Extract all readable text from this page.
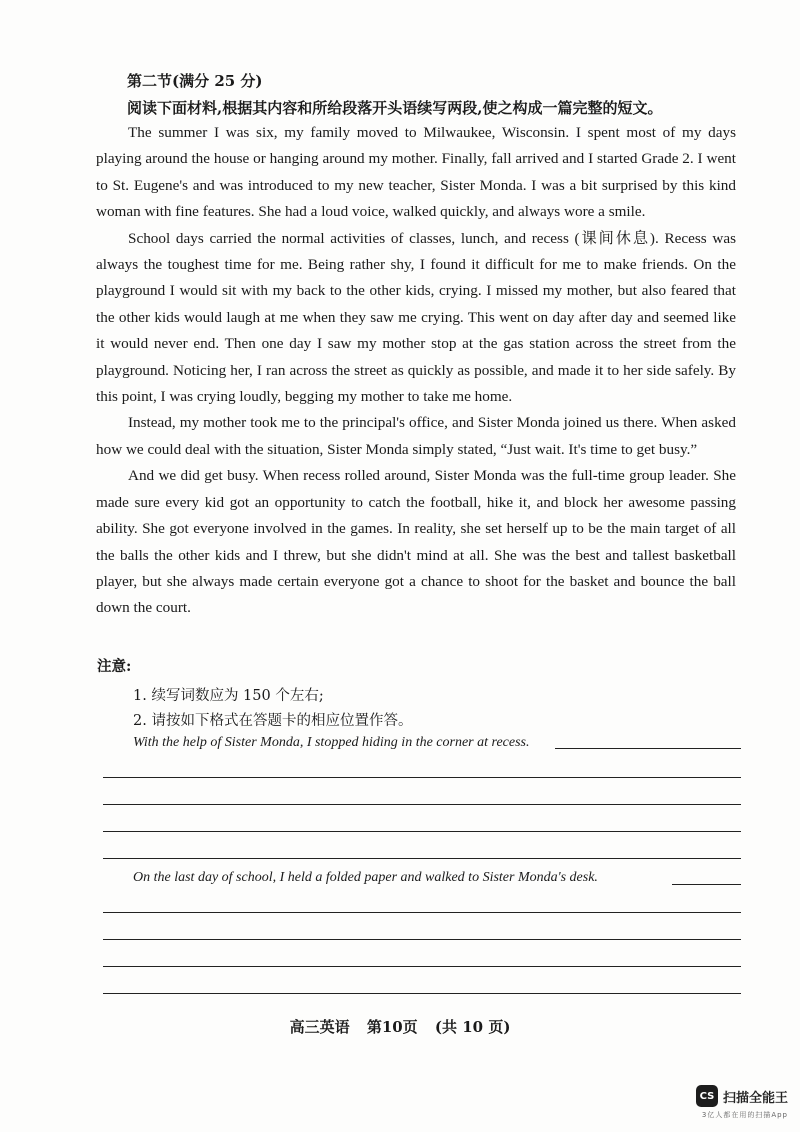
第二节(满分 25 分)
阅读下面材料,根据其内容和所给段落开头语续写两段,使之构成一篇完整的短文。

The summer I was six, my family moved to Milwaukee, Wisconsin. I spent most of my days playing around the house or hanging around my mother. Finally, fall arrived and I started Grade 2. I went to St. Eugene's and was introduced to my new teacher, Sister Monda. I was a bit surprised by this kind woman with fine features. She had a loud voice, walked quickly, and always wore a smile.

School days carried the normal activities of classes, lunch, and recess (课间休息). Recess was always the toughest time for me. Being rather shy, I found it difficult for me to make friends. On the playground I would sit with my back to the other kids, crying. I missed my mother, but also feared that the other kids would laugh at me when they saw me crying. This went on day after day and seemed like it would never end. Then one day I saw my mother stop at the gas station across the street from the playground. Noticing her, I ran across the street as quickly as possible, and made it to her side safely. By this point, I was crying loudly, begging my mother to take me home.

Instead, my mother took me to the principal's office, and Sister Monda joined us there. When asked how we could deal with the situation, Sister Monda simply stated, “Just wait. It's time to get busy.”

And we did get busy. When recess rolled around, Sister Monda was the full-time group leader. She made sure every kid got an opportunity to catch the football, hike it, and block her awesome passing ability. She got everyone involved in the games. In reality, she set herself up to be the main target of all the balls the other kids and I threw, but she didn't mind at all. She was the best and tallest basketball player, but she always made certain everyone got a chance to shoot for the basket and bounce the ball down the court.

注意:
1. 续写词数应为 150 个左右;
2. 请按如下格式在答题卡的相应位置作答。
With the help of Sister Monda, I stopped hiding in the corner at recess.
On the last day of school, I held a folded paper and walked to Sister Monda's desk.
高三英语 第10页 (共 10 页)
CS 扫描全能王
3亿人都在用的扫描App
